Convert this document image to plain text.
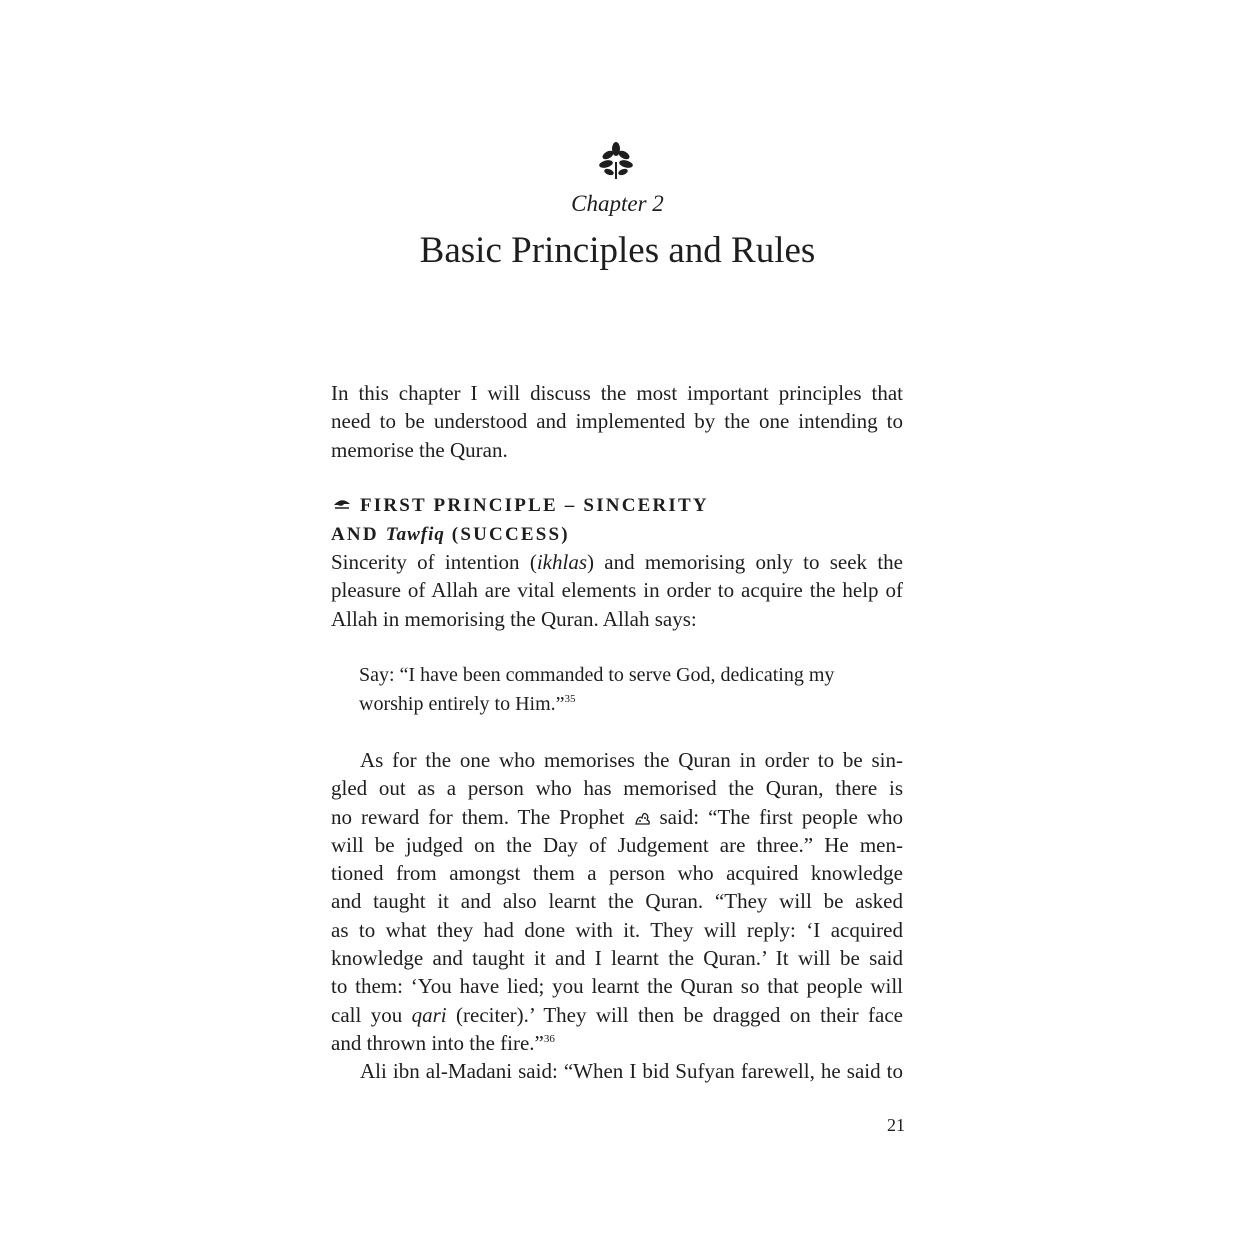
Chapter 2
Basic Principles and Rules
In this chapter I will discuss the most important principles that
need to be understood and implemented by the one intending to
memorise the Quran.
FIRST PRINCIPLE – SINCERITY
AND Tawfiq (SUCCESS)
Sincerity of intention (ikhlas) and memorising only to seek the
pleasure of Allah are vital elements in order to acquire the help of
Allah in memorising the Quran. Allah says:
Say: “I have been commanded to serve God, dedicating my
worship entirely to Him.”$^{35}$
As for the one who memorises the Quran in order to be sin-
gled out as a person who has memorised the Quran, there is
no reward for them. The Prophet  said: “The first people who
will be judged on the Day of Judgement are three.” He men-
tioned from amongst them a person who acquired knowledge
and taught it and also learnt the Quran. “They will be asked
as to what they had done with it. They will reply: ‘I acquired
knowledge and taught it and I learnt the Quran.’ It will be said
to them: ‘You have lied; you learnt the Quran so that people will
call you qari (reciter).’ They will then be dragged on their face
and thrown into the fire.”$^{36}$
Ali ibn al-Madani said: “When I bid Sufyan farewell, he said to
21
